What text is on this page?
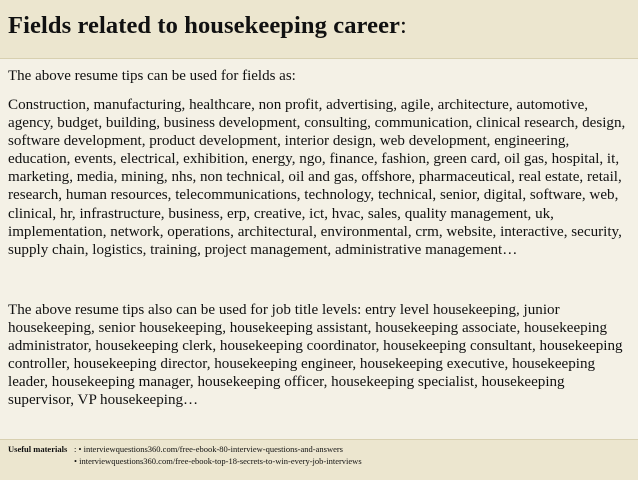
Fields related to housekeeping career:
The above resume tips can be used for fields as:
Construction, manufacturing, healthcare, non profit, advertising, agile, architecture, automotive, agency, budget, building, business development, consulting, communication, clinical research, design, software development, product development, interior design, web development, engineering, education, events, electrical, exhibition, energy, ngo, finance, fashion, green card, oil gas, hospital, it, marketing, media, mining, nhs, non technical, oil and gas, offshore, pharmaceutical, real estate, retail, research, human resources, telecommunications, technology, technical, senior, digital, software, web, clinical, hr, infrastructure, business, erp, creative, ict, hvac, sales, quality management, uk, implementation, network, operations, architectural, environmental, crm, website, interactive, security, supply chain, logistics, training, project management, administrative management…
The above resume tips also can be used for job title levels: entry level housekeeping, junior housekeeping, senior housekeeping, housekeeping assistant, housekeeping associate, housekeeping administrator, housekeeping clerk, housekeeping coordinator, housekeeping consultant, housekeeping controller, housekeeping director, housekeeping engineer, housekeeping executive, housekeeping leader, housekeeping manager, housekeeping officer, housekeeping specialist, housekeeping supervisor, VP housekeeping…
Useful materials : • interviewquestions360.com/free-ebook-80-interview-questions-and-answers
• interviewquestions360.com/free-ebook-top-18-secrets-to-win-every-job-interviews
